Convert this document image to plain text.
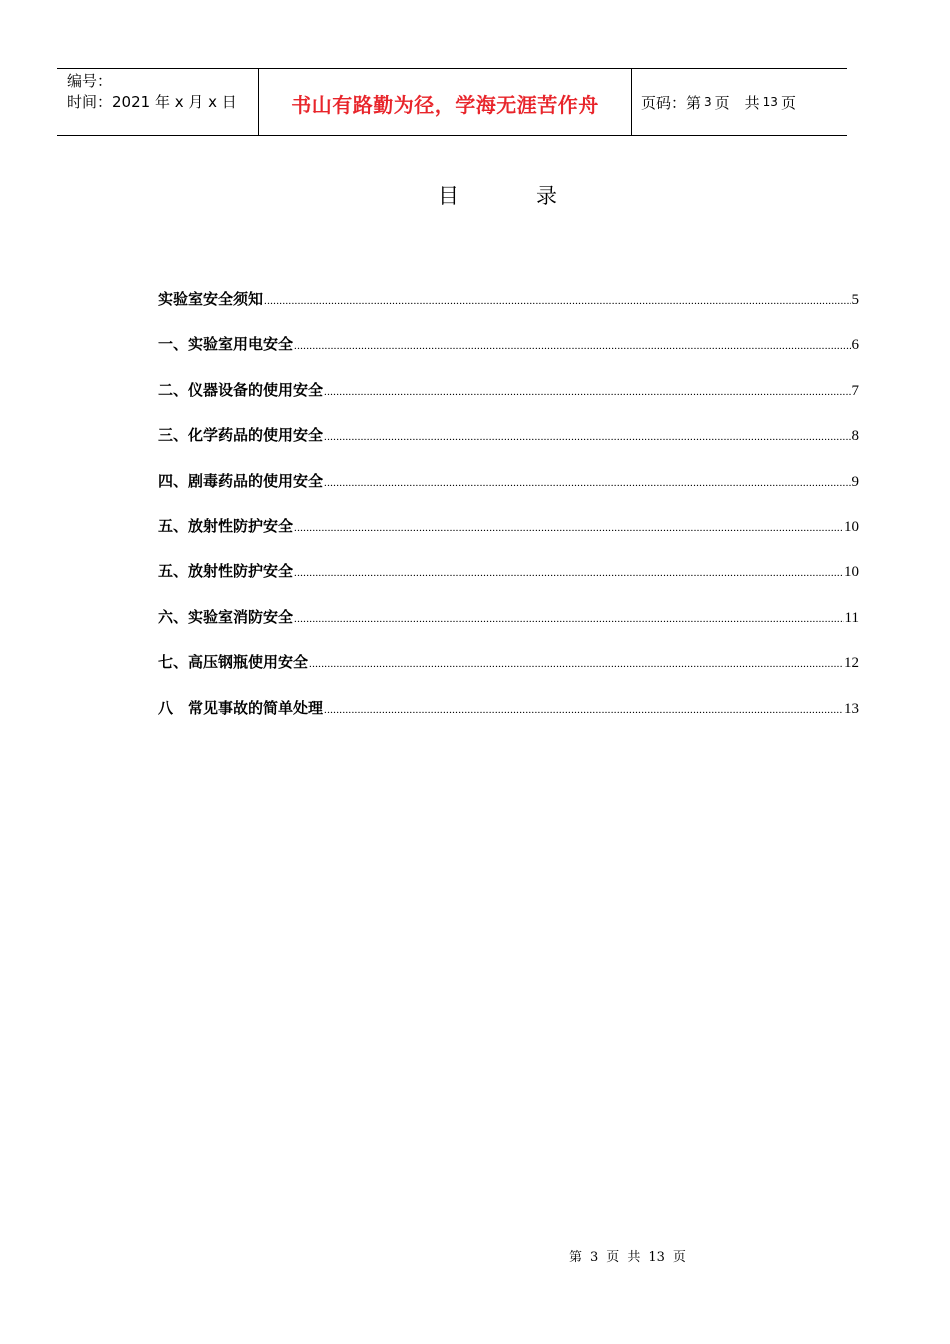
编号：
时间：2021 年 x 月 x 日	书山有路勤为径，学海无涯苦作舟	页码：第 3 页　共 13 页
目	录
实验室安全须知 .....	5
一、实验室用电安全 .....	6
二、仪器设备的使用安全 .....	7
三、化学药品的使用安全 .....	8
四、剧毒药品的使用安全 .....	9
五、放射性防护安全 .....	10
五、放射性防护安全 .....	10
六、实验室消防安全 .....	11
七、高压钢瓶使用安全 .....	12
八　常见事故的简单处理 .....	13
第 3 页 共 13 页
